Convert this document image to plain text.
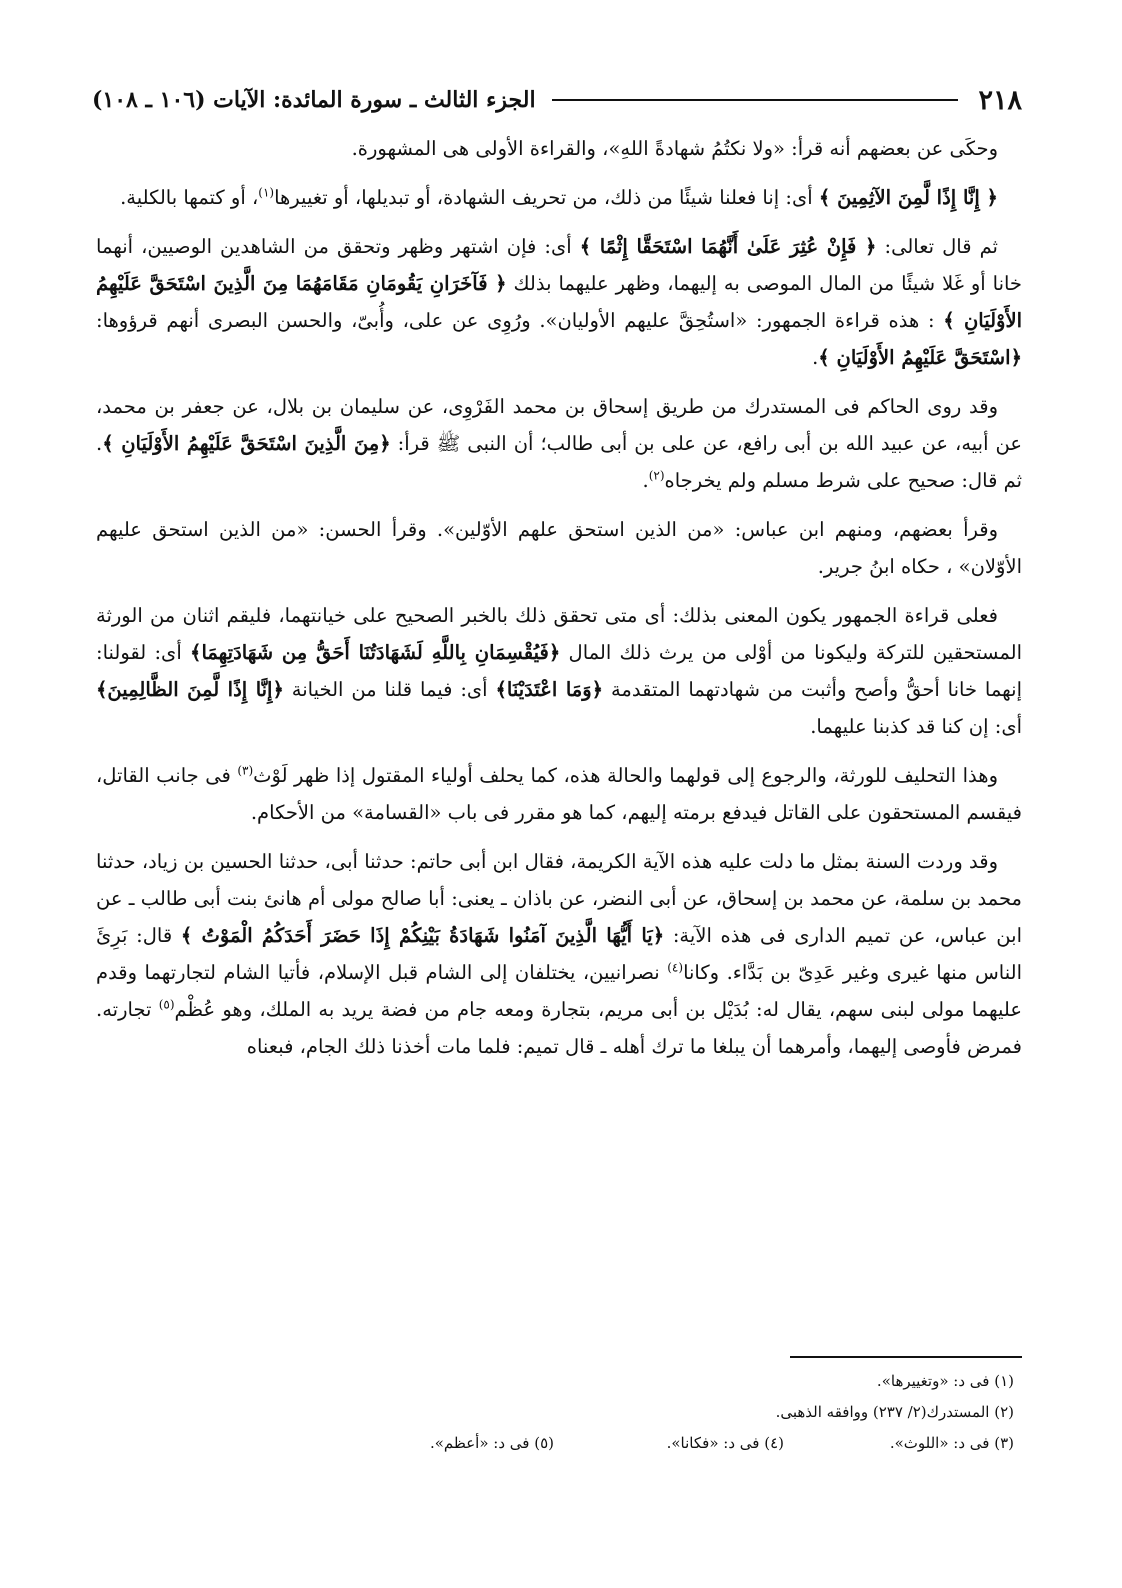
٢١٨
الجزء الثالث ـ سورة المائدة: الآيات (١٠٦ ـ ١٠٨)

وحكَى عن بعضهم أنه قرأ: «ولا نكتُمُ شهادةً اللهِ»، والقراءة الأولى هى المشهورة.

﴿ إِنَّا إِذًا لَّمِنَ الآثِمِينَ ﴾ أى: إنا فعلنا شيئًا من ذلك، من تحريف الشهادة، أو تبديلها، أو تغييرها$^{(١)}$، أو كتمها بالكلية.

ثم قال تعالى: ﴿ فَإِنْ عُثِرَ عَلَىٰ أَنَّهُمَا اسْتَحَقَّا إِثْمًا ﴾ أى: فإن اشتهر وظهر وتحقق من الشاهدين الوصيين، أنهما خانا أو غَلا شيئًا من المال الموصى به إليهما، وظهر عليهما بذلك ﴿ فَآخَرَانِ يَقُومَانِ مَقَامَهُمَا مِنَ الَّذِينَ اسْتَحَقَّ عَلَيْهِمُ الأَوْلَيَانِ ﴾ : هذه قراءة الجمهور: «استُحِقَّ عليهم الأوليان». ورُوِى عن على، وأُبىّ، والحسن البصرى أنهم قرؤوها: ﴿اسْتَحَقَّ عَلَيْهِمُ الأَوْلَيَانِ ﴾.

وقد روى الحاكم فى المستدرك من طريق إسحاق بن محمد الفَرْوِى، عن سليمان بن بلال، عن جعفر بن محمد، عن أبيه، عن عبيد الله بن أبى رافع، عن على بن أبى طالب؛ أن النبى ﷺ قرأ: ﴿مِنَ الَّذِينَ اسْتَحَقَّ عَلَيْهِمُ الأَوْلَيَانِ ﴾. ثم قال: صحيح على شرط مسلم ولم يخرجاه$^{(٢)}$.

وقرأ بعضهم، ومنهم ابن عباس: «من الذين استحق علهم الأوّلين». وقرأ الحسن: «من الذين استحق عليهم الأوّلان» ، حكاه ابنُ جرير.

فعلى قراءة الجمهور يكون المعنى بذلك: أى متى تحقق ذلك بالخبر الصحيح على خيانتهما، فليقم اثنان من الورثة المستحقين للتركة وليكونا من أوْلى من يرث ذلك المال ﴿فَيُقْسِمَانِ بِاللَّهِ لَشَهَادَتُنَا أَحَقُّ مِن شَهَادَتِهِمَا﴾ أى: لقولنا: إنهما خانا أحقُّ وأصح وأثبت من شهادتهما المتقدمة ﴿وَمَا اعْتَدَيْنَا﴾ أى: فيما قلنا من الخيانة ﴿إِنَّا إِذًا لَّمِنَ الظَّالِمِينَ﴾ أى: إن كنا قد كذبنا عليهما.

وهذا التحليف للورثة، والرجوع إلى قولهما والحالة هذه، كما يحلف أولياء المقتول إذا ظهر لَوْث$^{(٣)}$ فى جانب القاتل، فيقسم المستحقون على القاتل فيدفع برمته إليهم، كما هو مقرر فى باب «القسامة» من الأحكام.

وقد وردت السنة بمثل ما دلت عليه هذه الآية الكريمة، فقال ابن أبى حاتم: حدثنا أبى، حدثنا الحسين بن زياد، حدثنا محمد بن سلمة، عن محمد بن إسحاق، عن أبى النضر، عن باذان ـ يعنى: أبا صالح مولى أم هانئ بنت أبى طالب ـ عن ابن عباس، عن تميم الدارى فى هذه الآية: ﴿يَا أَيُّهَا الَّذِينَ آمَنُوا شَهَادَةُ بَيْنِكُمْ إِذَا حَضَرَ أَحَدَكُمُ الْمَوْتُ ﴾ قال: بَرِئَ الناس منها غيرى وغير عَدِىّ بن بَدَّاء. وكانا$^{(٤)}$ نصرانيين، يختلفان إلى الشام قبل الإسلام، فأتيا الشام لتجارتهما وقدم عليهما مولى لبنى سهم، يقال له: بُدَيْل بن أبى مريم، بتجارة ومعه جام من فضة يريد به الملك، وهو عُظْم$^{(٥)}$ تجارته. فمرض فأوصى إليهما، وأمرهما أن يبلغا ما ترك أهله ـ قال تميم: فلما مات أخذنا ذلك الجام، فبعناه

(١) فى د: «وتغييرها».
(٢) المستدرك(٢/ ٢٣٧) ووافقه الذهبى.
(٣) فى د: «اللوث».
(٤) فى د: «فكانا».
(٥) فى د: «أعظم».
